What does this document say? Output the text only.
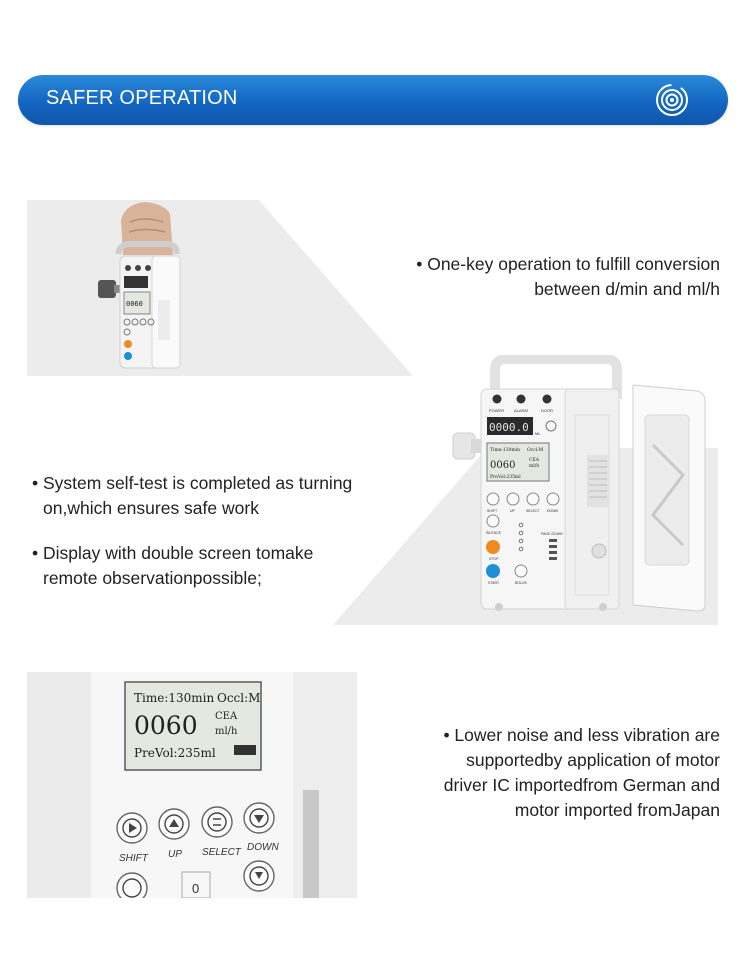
SAFER OPERATION
0060
• One-key operation to fulfill conversion
between d/min and ml/h
POWER ALARM	DOOR
0000.0 ML
Time:130min Occl:M
0060	CEA
ml/h
PreVol:235ml
SHIFT	UP	SELECT DOWN
SILENCE	PAGE DOWN
STOP
START	BOLUS
• System self-test is completed as turning
on,which ensures safe work
• Display with double screen tomake
remote observationpossible;
Time:130min Occl:M
0060 CEA
ml/h
PreVol:235ml
SHIFT UP SELECT DOWN
0
• Lower noise and less vibration are
supportedby application of motor
driver IC importedfrom German and
motor imported fromJapan
